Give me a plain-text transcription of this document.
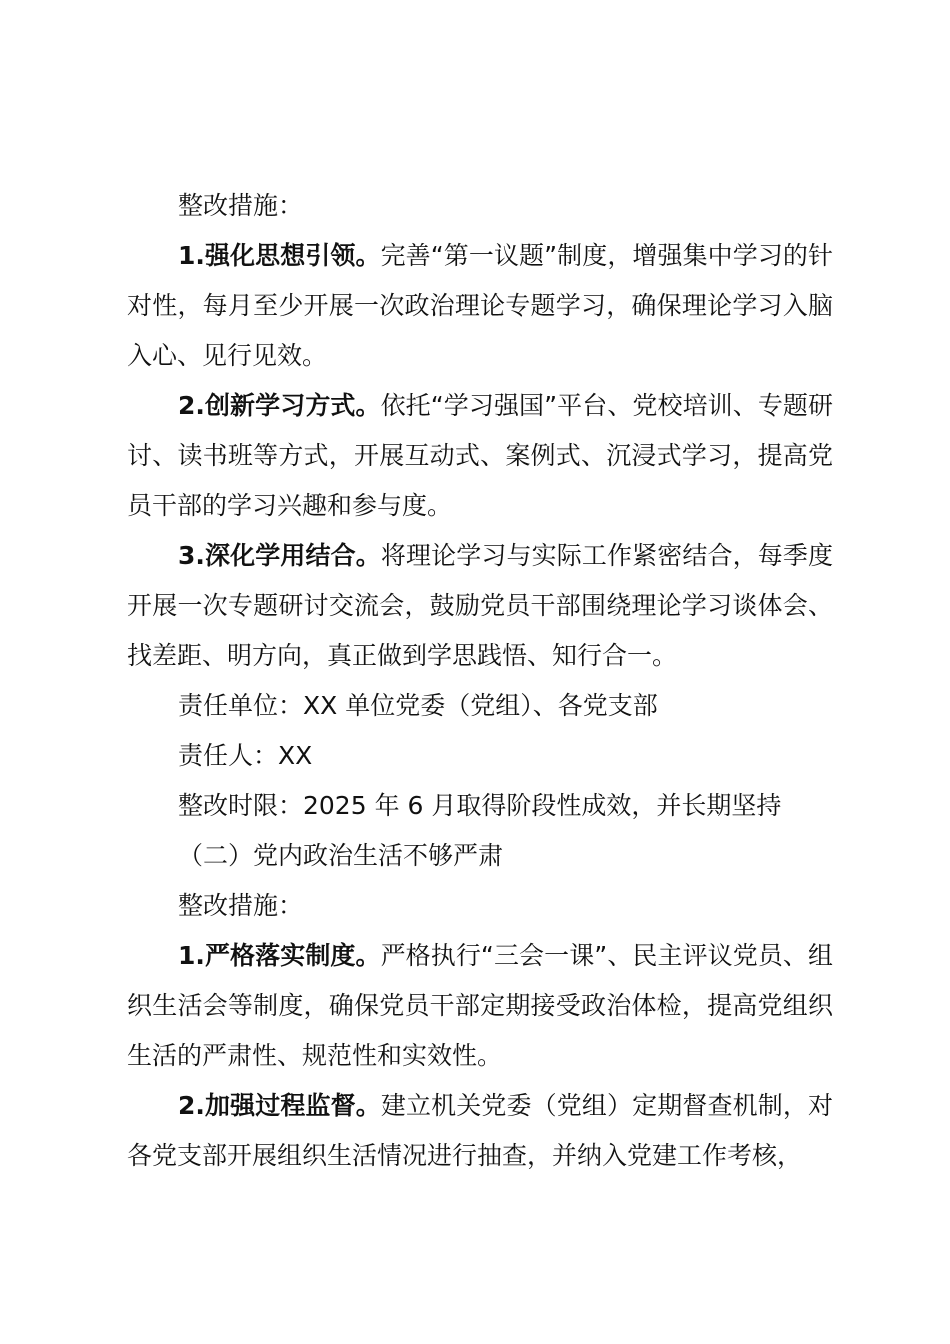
整改措施：

1.强化思想引领。完善“第一议题”制度，增强集中学习的针对性，每月至少开展一次政治理论专题学习，确保理论学习入脑入心、见行见效。

2.创新学习方式。依托“学习强国”平台、党校培训、专题研讨、读书班等方式，开展互动式、案例式、沉浸式学习，提高党员干部的学习兴趣和参与度。

3.深化学用结合。将理论学习与实际工作紧密结合，每季度开展一次专题研讨交流会，鼓励党员干部围绕理论学习谈体会、找差距、明方向，真正做到学思践悟、知行合一。

责任单位：XX 单位党委（党组）、各党支部

责任人：XX

整改时限：2025 年 6 月取得阶段性成效，并长期坚持

（二）党内政治生活不够严肃

整改措施：

1.严格落实制度。严格执行“三会一课”、民主评议党员、组织生活会等制度，确保党员干部定期接受政治体检，提高党组织生活的严肃性、规范性和实效性。

2.加强过程监督。建立机关党委（党组）定期督查机制，对各党支部开展组织生活情况进行抽查，并纳入党建工作考核，
